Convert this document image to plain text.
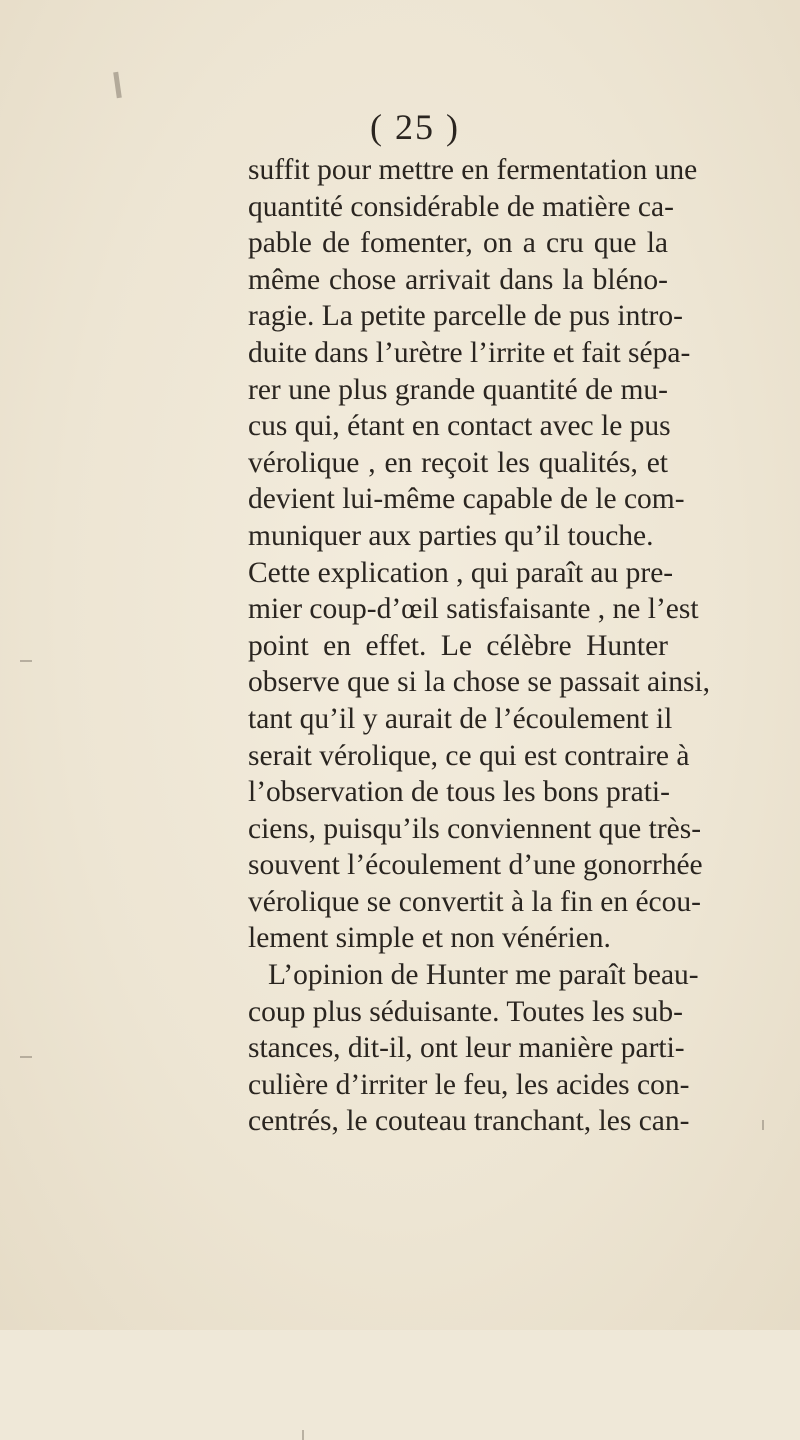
( 25 )
suffit pour mettre en fermentation une
quantité considérable de matière ca-
pable de fomenter, on a cru que la
même chose arrivait dans la bléno-
ragie. La petite parcelle de pus intro-
duite dans l’urètre l’irrite et fait sépa-
rer une plus grande quantité de mu-
cus qui, étant en contact avec le pus
vérolique , en reçoit les qualités, et
devient lui-même capable de le com-
muniquer aux parties qu’il touche.
Cette explication , qui paraît au pre-
mier coup-d’œil satisfaisante , ne l’est
point en effet. Le célèbre Hunter
observe que si la chose se passait ainsi,
tant qu’il y aurait de l’écoulement il
serait vérolique, ce qui est contraire à
l’observation de tous les bons prati-
ciens, puisqu’ils conviennent que très-
souvent l’écoulement d’une gonorrhée
vérolique se convertit à la fin en écou-
lement simple et non vénérien.
L’opinion de Hunter me paraît beau-
coup plus séduisante. Toutes les sub-
stances, dit-il, ont leur manière parti-
culière d’irriter le feu, les acides con-
centrés, le couteau tranchant, les can-
